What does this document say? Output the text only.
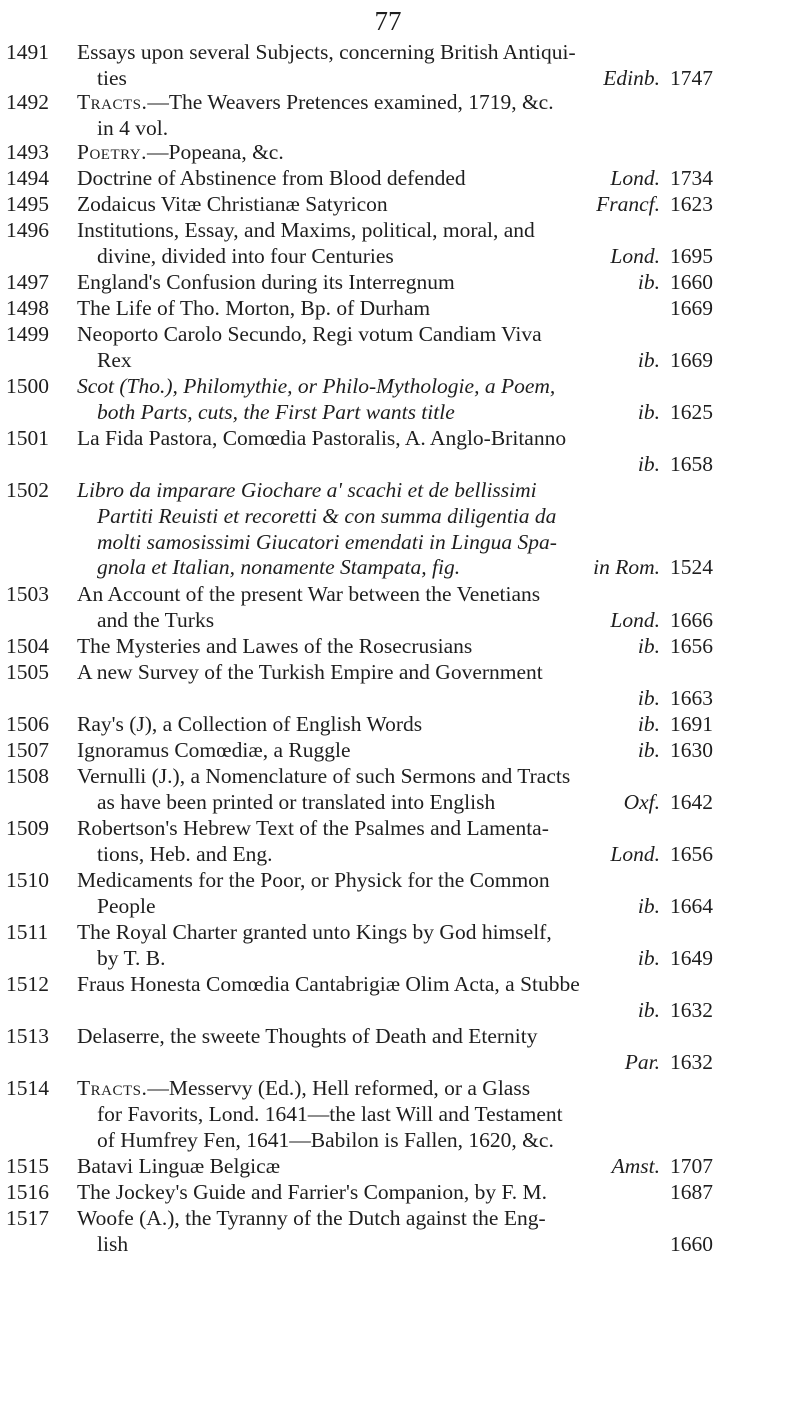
77
1491	Essays upon several Subjects, concerning British Antiqui-
ties	Edinb. 1747
1492	Tracts.—The Weavers Pretences examined, 1719, &c.
in 4 vol.
1493	Poetry.—Popeana, &c.
1494	Doctrine of Abstinence from Blood defended	Lond. 1734
1495	Zodaicus Vitæ Christianæ Satyricon	Francf. 1623
1496	Institutions, Essay, and Maxims, political, moral, and
divine, divided into four Centuries	Lond. 1695
1497	England's Confusion during its Interregnum	ib. 1660
1498	The Life of Tho. Morton, Bp. of Durham	1669
1499	Neoporto Carolo Secundo, Regi votum Candiam Viva
Rex	ib. 1669
1500	Scot (Tho.), Philomythie, or Philo-Mythologie, a Poem,
both Parts, cuts, the First Part wants title	ib. 1625
1501	La Fida Pastora, Comœdia Pastoralis, A. Anglo-Britanno
ib. 1658
1502	Libro da imparare Giochare a' scachi et de bellissimi
Partiti Reuisti et recoretti & con summa diligentia da
molti samosissimi Giucatori emendati in Lingua Spa-
gnola et Italian, nonamente Stampata, fig.	in Rom. 1524
1503	An Account of the present War between the Venetians
and the Turks	Lond. 1666
1504	The Mysteries and Lawes of the Rosecrusians	ib. 1656
1505	A new Survey of the Turkish Empire and Government
ib. 1663
1506	Ray's (J), a Collection of English Words	ib. 1691
1507	Ignoramus Comœdiæ, a Ruggle	ib. 1630
1508	Vernulli (J.), a Nomenclature of such Sermons and Tracts
as have been printed or translated into English	Oxf. 1642
1509	Robertson's Hebrew Text of the Psalmes and Lamenta-
tions, Heb. and Eng.	Lond. 1656
1510	Medicaments for the Poor, or Physick for the Common
People	ib. 1664
1511	The Royal Charter granted unto Kings by God himself,
by T. B.	ib. 1649
1512	Fraus Honesta Comœdia Cantabrigiæ Olim Acta, a Stubbe
ib. 1632
1513	Delaserre, the sweete Thoughts of Death and Eternity
Par. 1632
1514	Tracts.—Messervy (Ed.), Hell reformed, or a Glass
for Favorits, Lond. 1641—the last Will and Testament
of Humfrey Fen, 1641—Babilon is Fallen, 1620, &c.
1515	Batavi Linguæ Belgicæ	Amst. 1707
1516	The Jockey's Guide and Farrier's Companion, by F. M.	1687
1517	Woofe (A.), the Tyranny of the Dutch against the Eng-
lish	1660
